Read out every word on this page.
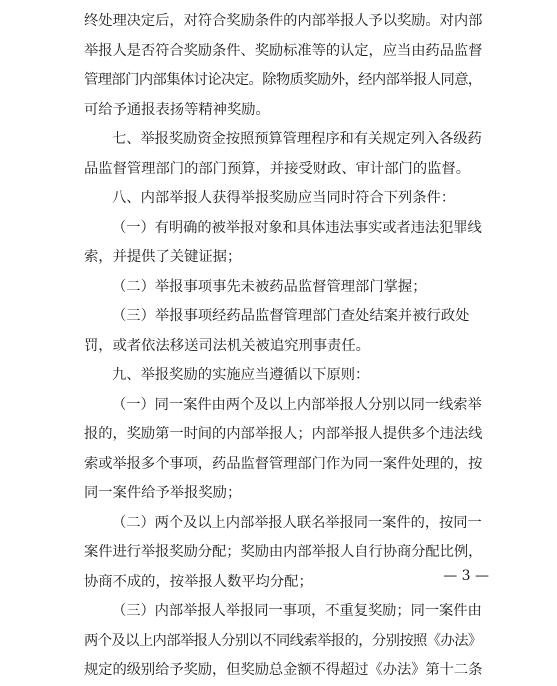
终处理决定后，对符合奖励条件的内部举报人予以奖励。对内部
举报人是否符合奖励条件、奖励标准等的认定，应当由药品监督
管理部门内部集体讨论决定。除物质奖励外，经内部举报人同意，
可给予通报表扬等精神奖励。
七、举报奖励资金按照预算管理程序和有关规定列入各级药
品监督管理部门的部门预算，并接受财政、审计部门的监督。
八、内部举报人获得举报奖励应当同时符合下列条件：
（一）有明确的被举报对象和具体违法事实或者违法犯罪线
索，并提供了关键证据；
（二）举报事项事先未被药品监督管理部门掌握；
（三）举报事项经药品监督管理部门查处结案并被行政处
罚，或者依法移送司法机关被追究刑事责任。
九、举报奖励的实施应当遵循以下原则：
（一）同一案件由两个及以上内部举报人分别以同一线索举
报的，奖励第一时间的内部举报人；内部举报人提供多个违法线
索或举报多个事项，药品监督管理部门作为同一案件处理的，按
同一案件给予举报奖励；
（二）两个及以上内部举报人联名举报同一案件的，按同一
案件进行举报奖励分配；奖励由内部举报人自行协商分配比例，
协商不成的，按举报人数平均分配；
（三）内部举报人举报同一事项，不重复奖励；同一案件由
两个及以上内部举报人分别以不同线索举报的，分别按照《办法》
规定的级别给予奖励，但奖励总金额不得超过《办法》第十二条
— 3 —
